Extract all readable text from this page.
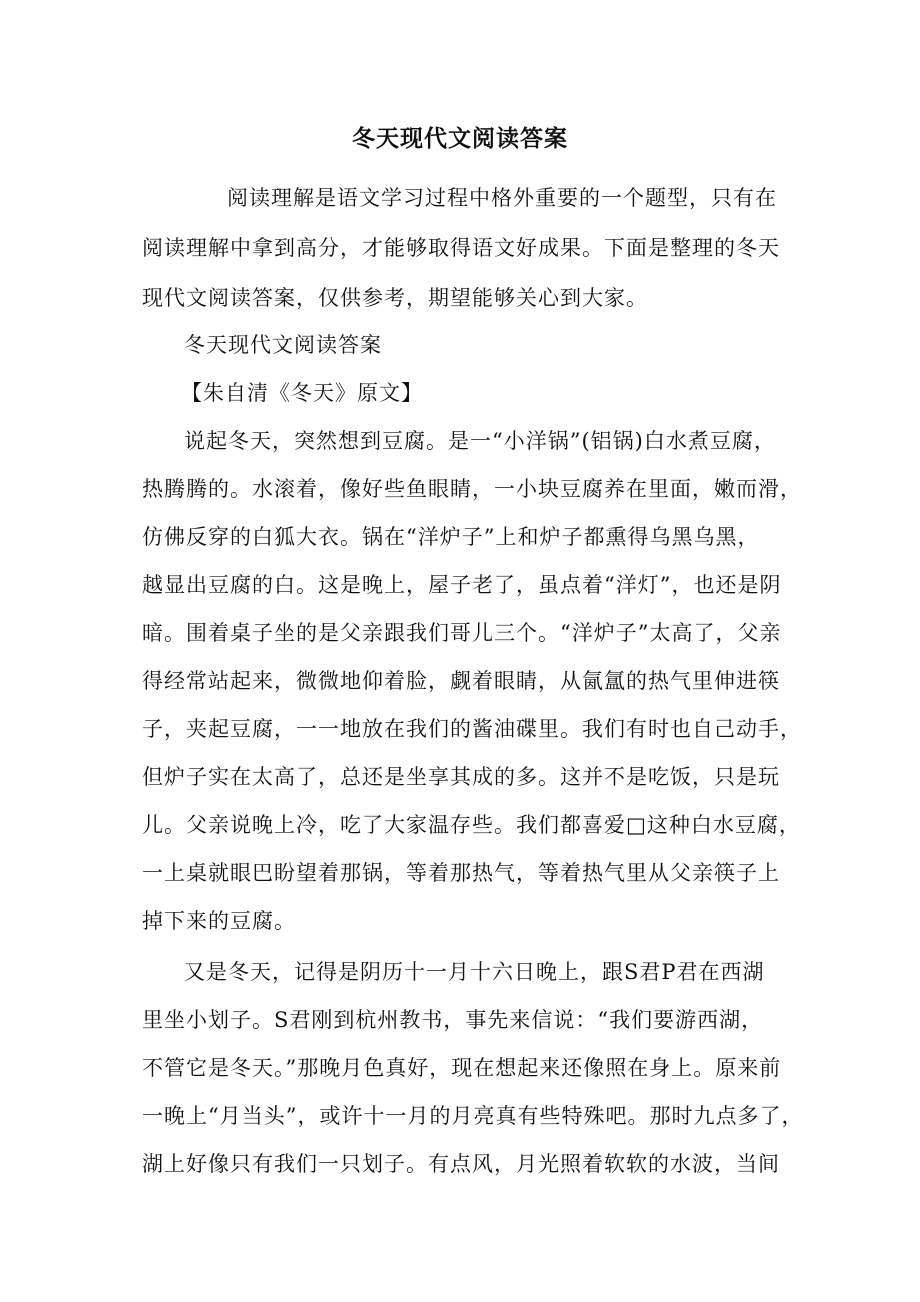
冬天现代文阅读答案
阅读理解是语文学习过程中格外重要的一个题型，只有在
阅读理解中拿到高分，才能够取得语文好成果。下面是整理的冬天
现代文阅读答案，仅供参考，期望能够关心到大家。
冬天现代文阅读答案
【朱自清《冬天》原文】
说起冬天，突然想到豆腐。是一“小洋锅”(铝锅)白水煮豆腐，
热腾腾的。水滚着，像好些鱼眼睛，一小块豆腐养在里面，嫩而滑，
仿佛反穿的白狐大衣。锅在“洋炉子”上和炉子都熏得乌黑乌黑，
越显出豆腐的白。这是晚上，屋子老了，虽点着“洋灯”，也还是阴
暗。围着桌子坐的是父亲跟我们哥儿三个。“洋炉子”太高了，父亲
得经常站起来，微微地仰着脸，觑着眼睛，从氤氲的热气里伸进筷
子，夹起豆腐，一一地放在我们的酱油碟里。我们有时也自己动手，
但炉子实在太高了，总还是坐享其成的多。这并不是吃饭，只是玩
儿。父亲说晚上冷，吃了大家温存些。我们都喜爱□这种白水豆腐，
一上桌就眼巴盼望着那锅，等着那热气，等着热气里从父亲筷子上
掉下来的豆腐。
又是冬天，记得是阴历十一月十六日晚上，跟S君P君在西湖
里坐小划子。S君刚到杭州教书，事先来信说：“我们要游西湖，
不管它是冬天。”那晚月色真好，现在想起来还像照在身上。原来前
一晚上“月当头”，或许十一月的月亮真有些特殊吧。那时九点多了，
湖上好像只有我们一只划子。有点风，月光照着软软的水波，当间
